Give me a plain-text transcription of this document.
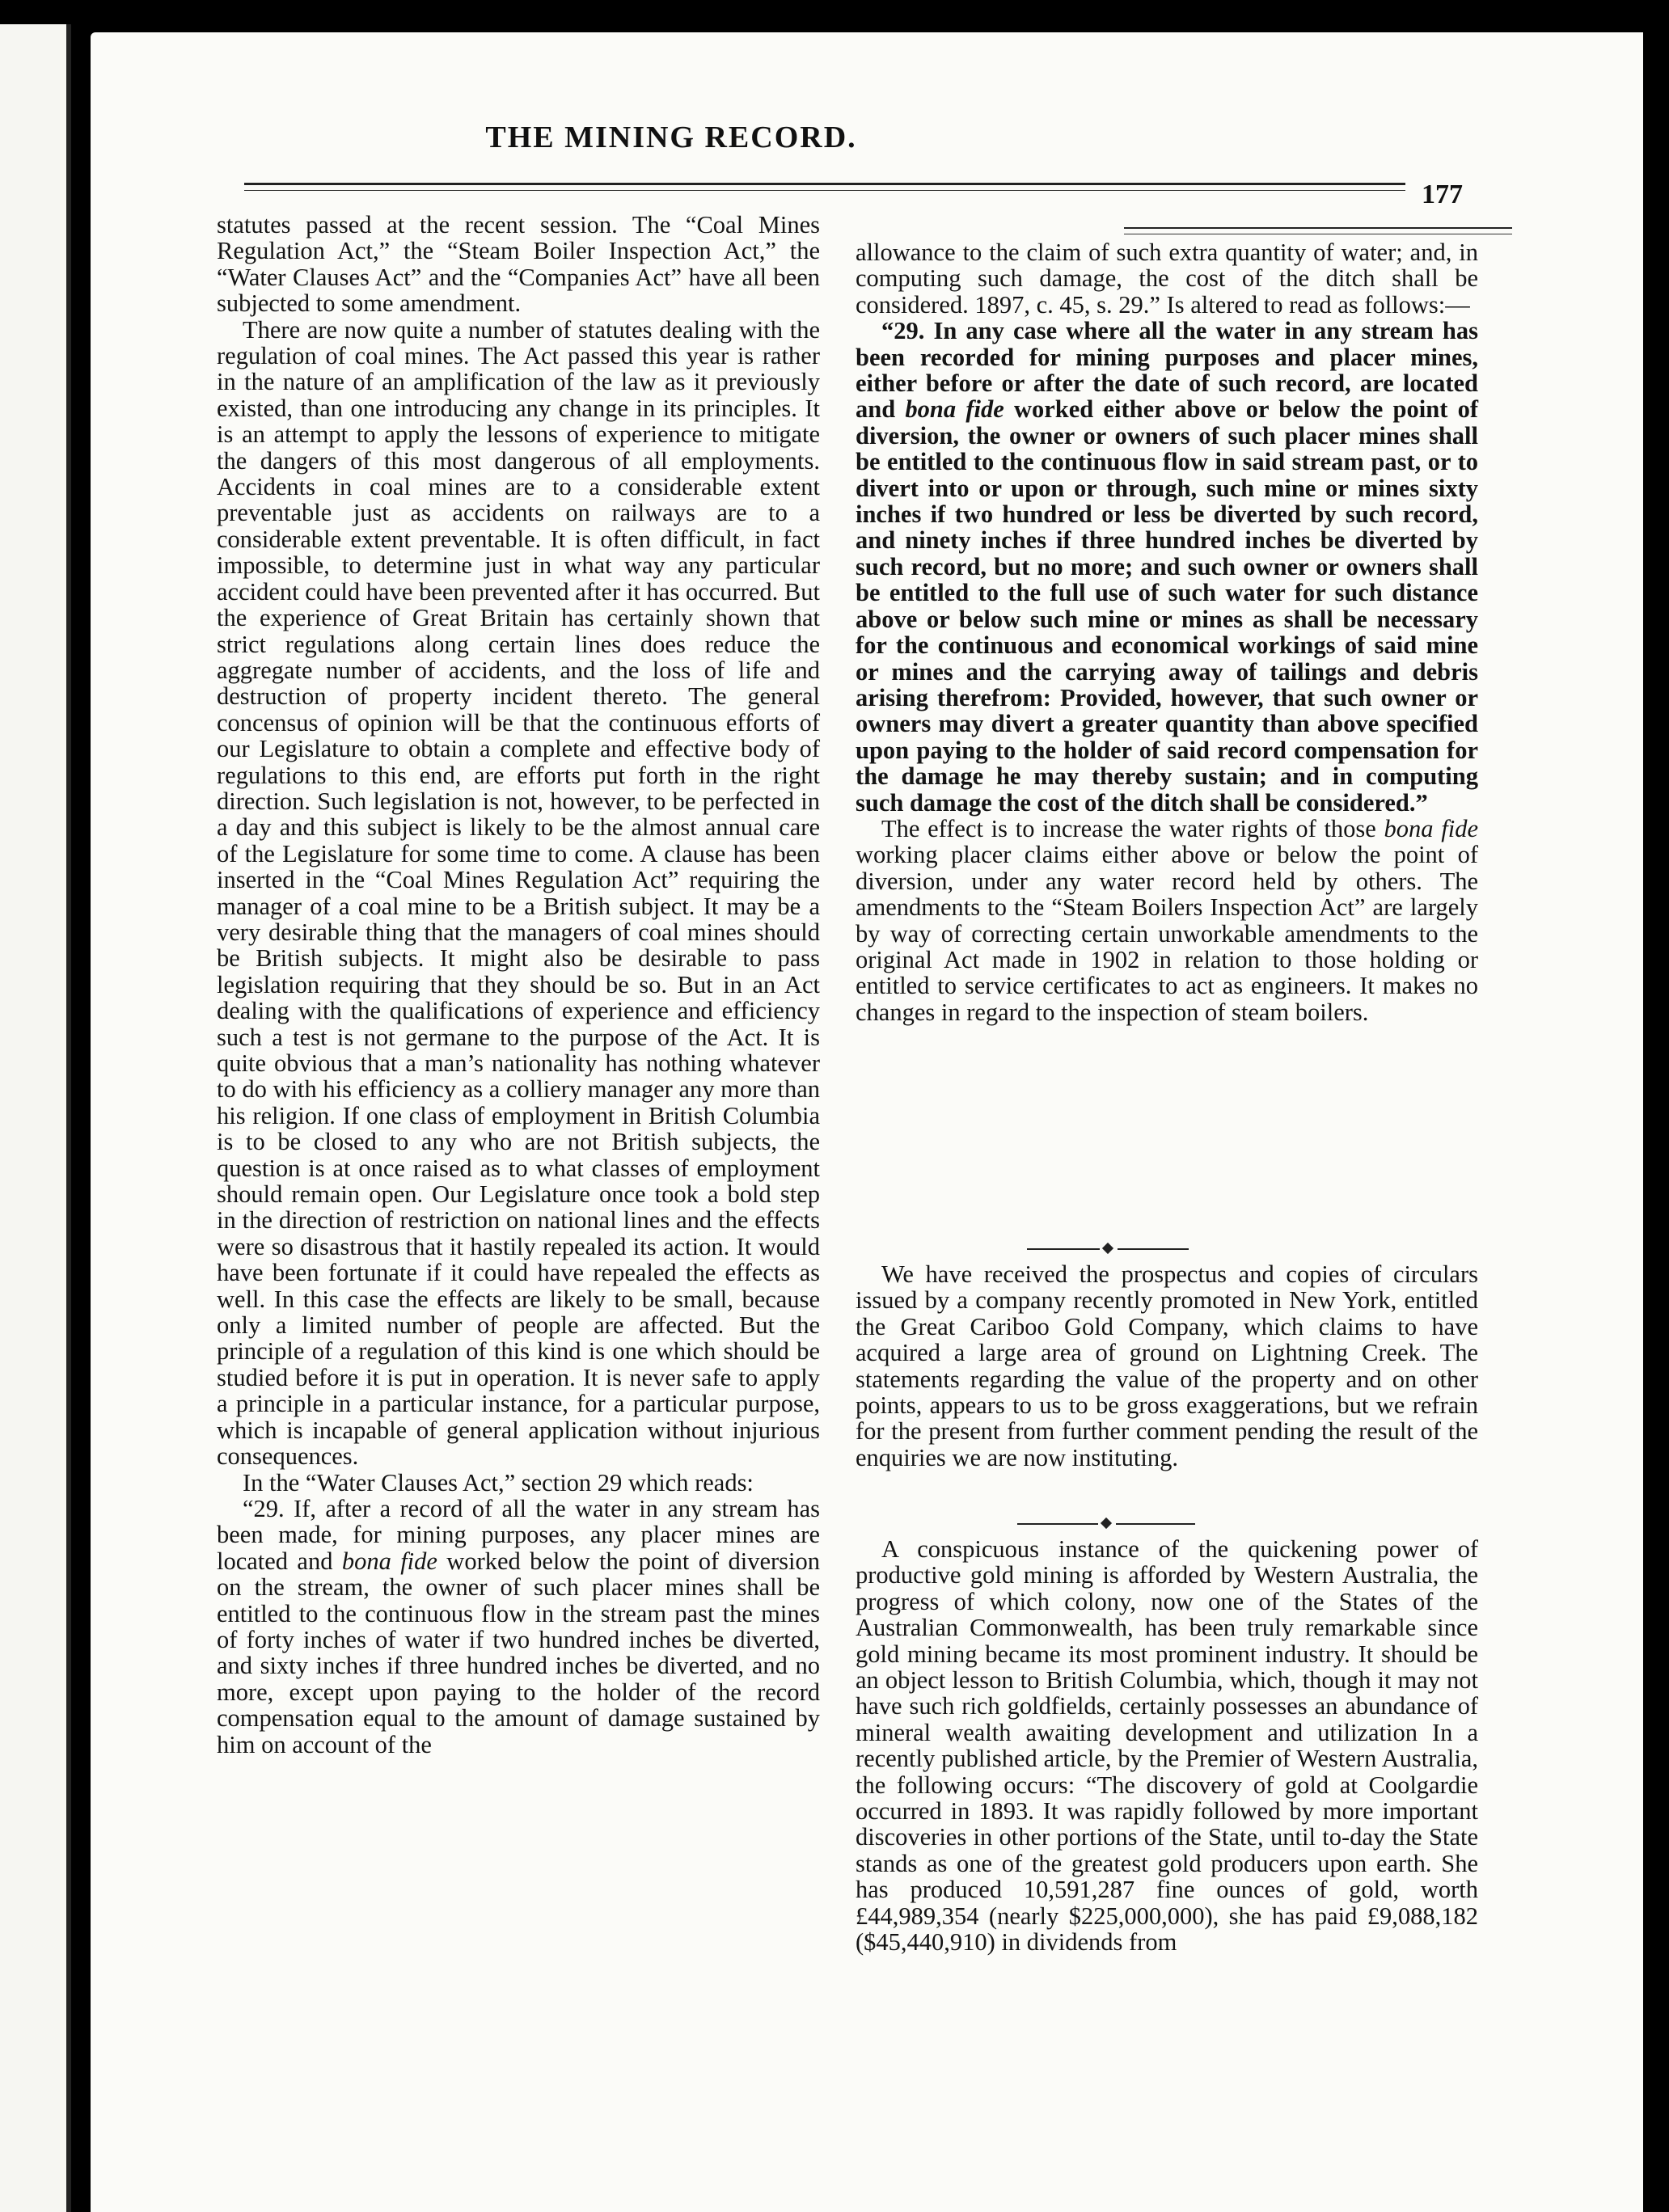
THE MINING RECORD.
177

statutes passed at the recent session. The “Coal Mines Regulation Act,” the “Steam Boiler Inspection Act,” the “Water Clauses Act” and the “Companies Act” have all been subjected to some amendment.

There are now quite a number of statutes dealing with the regulation of coal mines. The Act passed this year is rather in the nature of an amplification of the law as it previously existed, than one introducing any change in its principles. It is an attempt to apply the lessons of experience to mitigate the dangers of this most dangerous of all employments. Accidents in coal mines are to a considerable extent preventable just as accidents on railways are to a considerable extent preventable. It is often difficult, in fact impossible, to determine just in what way any particular accident could have been prevented after it has occurred. But the experience of Great Britain has certainly shown that strict regulations along certain lines does reduce the aggregate number of accidents, and the loss of life and destruction of property incident thereto. The general concensus of opinion will be that the continuous efforts of our Legislature to obtain a complete and effective body of regulations to this end, are efforts put forth in the right direction. Such legislation is not, however, to be perfected in a day and this subject is likely to be the almost annual care of the Legislature for some time to come. A clause has been inserted in the “Coal Mines Regulation Act” requiring the manager of a coal mine to be a British subject. It may be a very desirable thing that the managers of coal mines should be British subjects. It might also be desirable to pass legislation requiring that they should be so. But in an Act dealing with the qualifications of experience and efficiency such a test is not germane to the purpose of the Act. It is quite obvious that a man’s nationality has nothing whatever to do with his efficiency as a colliery manager any more than his religion. If one class of employment in British Columbia is to be closed to any who are not British subjects, the question is at once raised as to what classes of employment should remain open. Our Legislature once took a bold step in the direction of restriction on national lines and the effects were so disastrous that it hastily repealed its action. It would have been fortunate if it could have repealed the effects as well. In this case the effects are likely to be small, because only a limited number of people are affected. But the principle of a regulation of this kind is one which should be studied before it is put in operation. It is never safe to apply a principle in a particular instance, for a particular purpose, which is incapable of general application without injurious consequences.

In the “Water Clauses Act,” section 29 which reads:

“29. If, after a record of all the water in any stream has been made, for mining purposes, any placer mines are located and bona fide worked below the point of diversion on the stream, the owner of such placer mines shall be entitled to the continuous flow in the stream past the mines of forty inches of water if two hundred inches be diverted, and sixty inches if three hundred inches be diverted, and no more, except upon paying to the holder of the record compensation equal to the amount of damage sustained by him on account of the

allowance to the claim of such extra quantity of water; and, in computing such damage, the cost of the ditch shall be considered. 1897, c. 45, s. 29.” Is altered to read as follows:—

“29. In any case where all the water in any stream has been recorded for mining purposes and placer mines, either before or after the date of such record, are located and bona fide worked either above or below the point of diversion, the owner or owners of such placer mines shall be entitled to the continuous flow in said stream past, or to divert into or upon or through, such mine or mines sixty inches if two hundred or less be diverted by such record, and ninety inches if three hundred inches be diverted by such record, but no more; and such owner or owners shall be entitled to the full use of such water for such distance above or below such mine or mines as shall be necessary for the continuous and economical workings of said mine or mines and the carrying away of tailings and debris arising therefrom: Provided, however, that such owner or owners may divert a greater quantity than above specified upon paying to the holder of said record compensation for the damage he may thereby sustain; and in computing such damage the cost of the ditch shall be considered.”

The effect is to increase the water rights of those bona fide working placer claims either above or below the point of diversion, under any water record held by others. The amendments to the “Steam Boilers Inspection Act” are largely by way of correcting certain unworkable amendments to the original Act made in 1902 in relation to those holding or entitled to service certificates to act as engineers. It makes no changes in regard to the inspection of steam boilers.

We have received the prospectus and copies of circulars issued by a company recently promoted in New York, entitled the Great Cariboo Gold Company, which claims to have acquired a large area of ground on Lightning Creek. The statements regarding the value of the property and on other points, appears to us to be gross exaggerations, but we refrain for the present from further comment pending the result of the enquiries we are now instituting.

A conspicuous instance of the quickening power of productive gold mining is afforded by Western Australia, the progress of which colony, now one of the States of the Australian Commonwealth, has been truly remarkable since gold mining became its most prominent industry. It should be an object lesson to British Columbia, which, though it may not have such rich goldfields, certainly possesses an abundance of mineral wealth awaiting development and utilization In a recently published article, by the Premier of Western Australia, the following occurs: “The discovery of gold at Coolgardie occurred in 1893. It was rapidly followed by more important discoveries in other portions of the State, until to-day the State stands as one of the greatest gold producers upon earth. She has produced 10,591,287 fine ounces of gold, worth £44,989,354 (nearly $225,000,000), she has paid £9,088,182 ($45,440,910) in dividends from
